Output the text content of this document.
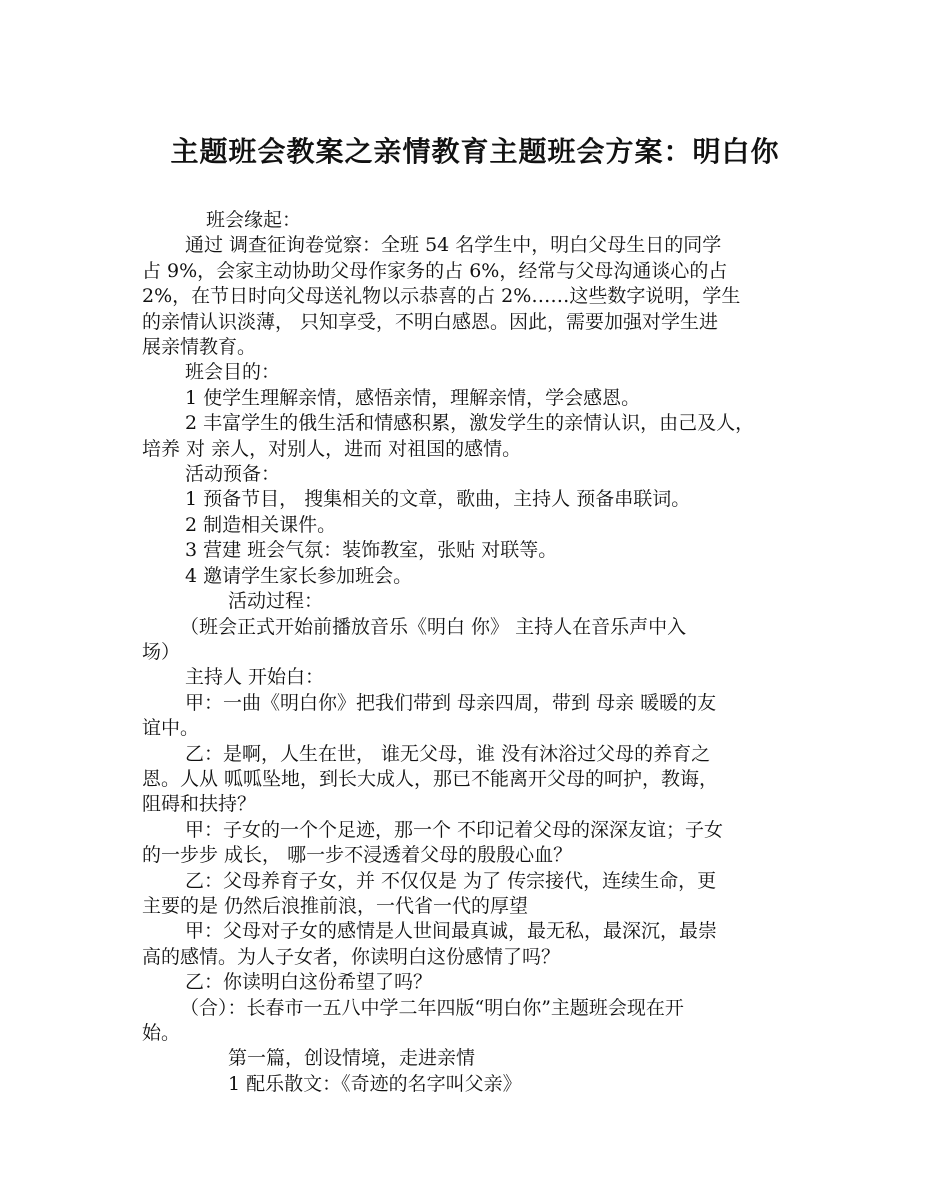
主题班会教案之亲情教育主题班会方案：明白你

班会缘起：

通过 调查征询卷觉察：全班 54 名学生中，明白父母生日的同学

占 9%，会家主动协助父母作家务的占 6%，经常与父母沟通谈心的占

2%，在节日时向父母送礼物以示恭喜的占 2%……这些数字说明，学生

的亲情认识淡薄， 只知享受，不明白感恩。因此，需要加强对学生进

展亲情教育。

班会目的：

1 使学生理解亲情，感悟亲情，理解亲情，学会感恩。

2 丰富学生的俄生活和情感积累，激发学生的亲情认识，由己及人，

培养 对 亲人，对别人，进而 对祖国的感情。

活动预备：

1 预备节目， 搜集相关的文章，歌曲，主持人 预备串联词。

2 制造相关课件。

3 营建 班会气氛：装饰教室，张贴 对联等。

4 邀请学生家长参加班会。

活动过程：

（班会正式开始前播放音乐《明白 你》 主持人在音乐声中入

场）

主持人 开始白：

甲：一曲《明白你》把我们带到 母亲四周，带到 母亲 暖暖的友

谊中。

乙：是啊，人生在世， 谁无父母，谁 没有沐浴过父母的养育之

恩。人从 呱呱坠地，到长大成人，那已不能离开父母的呵护，教诲，

阻碍和扶持？

甲：子女的一个个足迹，那一个 不印记着父母的深深友谊；子女

的一步步 成长， 哪一步不浸透着父母的殷殷心血？

乙：父母养育子女，并 不仅仅是 为了 传宗接代，连续生命，更

主要的是 仍然后浪推前浪，一代省一代的厚望

甲：父母对子女的感情是人世间最真诚，最无私，最深沉，最崇

高的感情。为人子女者，你读明白这份感情了吗？

乙：你读明白这份希望了吗？

（合）：长春市一五八中学二年四版“明白你”主题班会现在开

始。

第一篇，创设情境，走进亲情

1 配乐散文：《奇迹的名字叫父亲》
